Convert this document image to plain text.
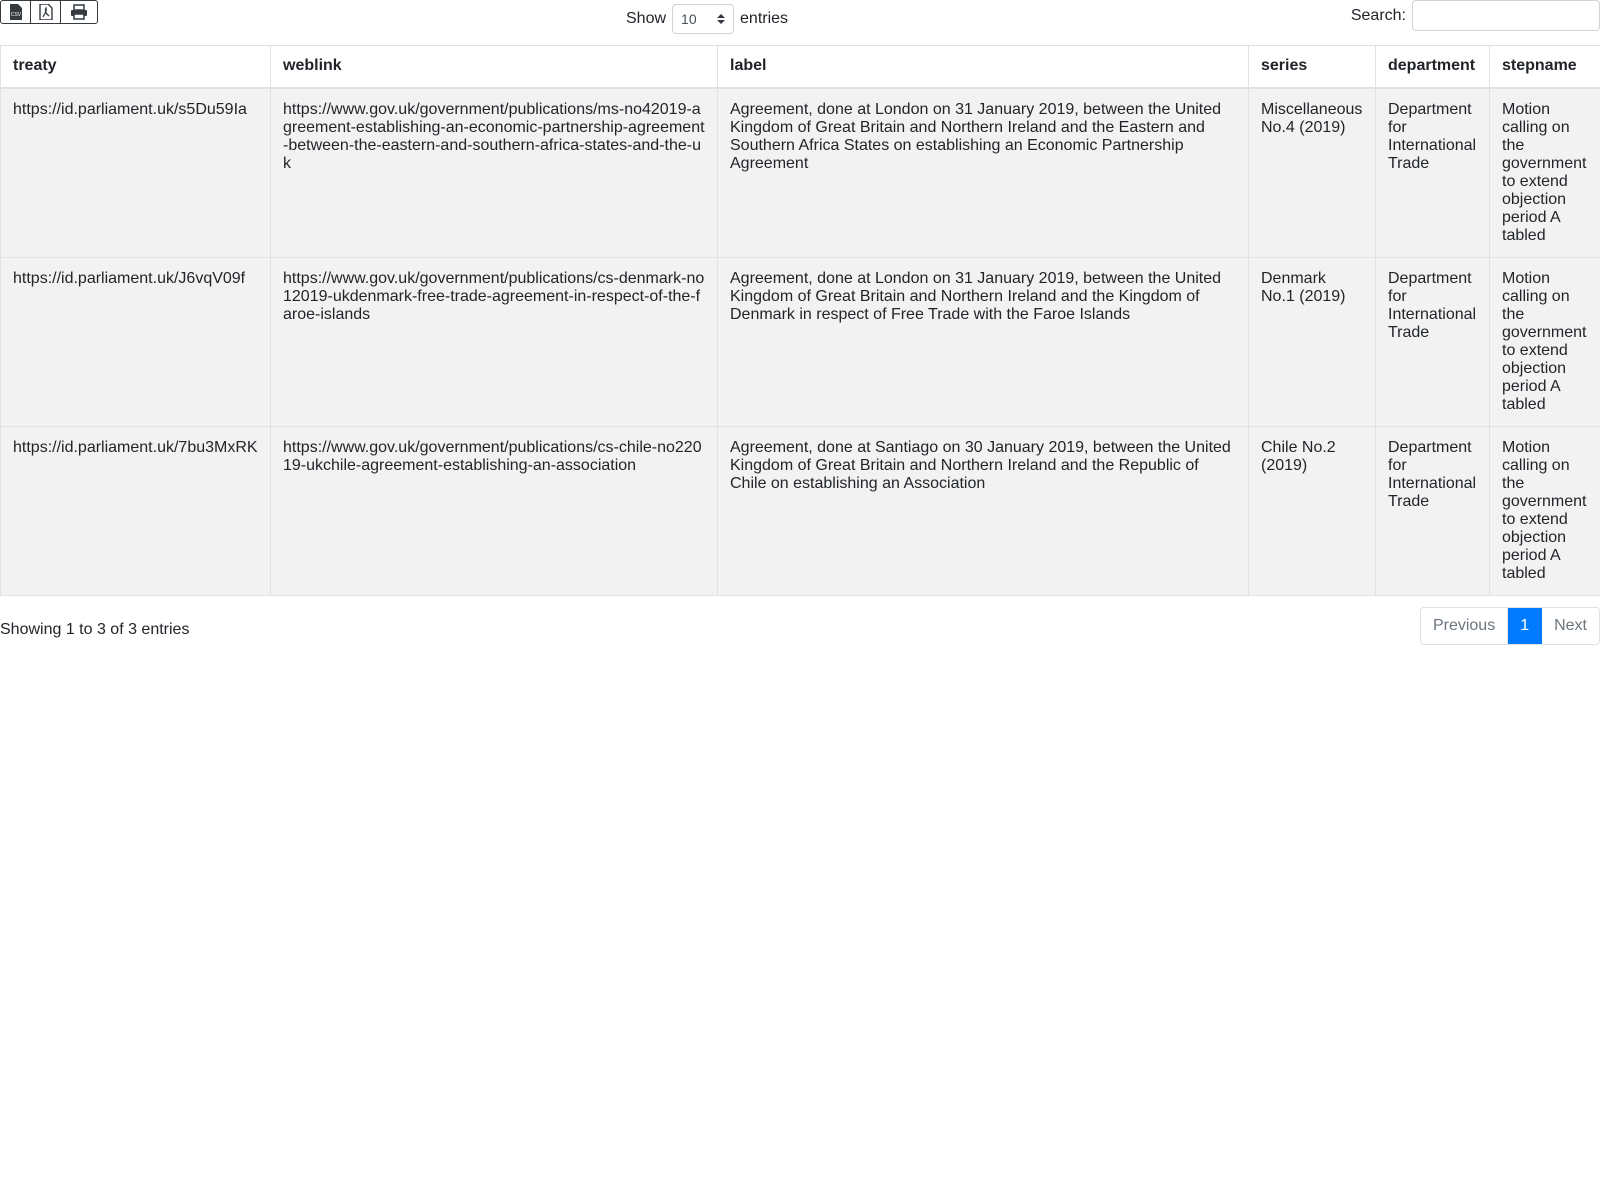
CSV	Show 10	entries	Search:
treaty	weblink	label	series	department	stepname
https://id.parliament.uk/s5Du59Ia	https://www.gov.uk/government/publications/ms-no42019-agreement-establishing-an-economic-partnership-agreement-between-the-eastern-and-southern-africa-states-and-the-uk	Agreement, done at London on 31 January 2019, between the United Kingdom of Great Britain and Northern Ireland and the Eastern and Southern Africa States on establishing an Economic Partnership Agreement	Miscellaneous No.4 (2019)	Department for International Trade	Motion calling on the government to extend objection period A tabled
https://id.parliament.uk/J6vqV09f	https://www.gov.uk/government/publications/cs-denmark-no12019-ukdenmark-free-trade-agreement-in-respect-of-the-faroe-islands	Agreement, done at London on 31 January 2019, between the United Kingdom of Great Britain and Northern Ireland and the Kingdom of Denmark in respect of Free Trade with the Faroe Islands	Denmark No.1 (2019)	Department for International Trade	Motion calling on the government to extend objection period A tabled
https://id.parliament.uk/7bu3MxRK	https://www.gov.uk/government/publications/cs-chile-no22019-ukchile-agreement-establishing-an-association	Agreement, done at Santiago on 30 January 2019, between the United Kingdom of Great Britain and Northern Ireland and the Republic of Chile on establishing an Association	Chile No.2 (2019)	Department for International Trade	Motion calling on the government to extend objection period A tabled
Showing 1 to 3 of 3 entries	Previous	1	Next
